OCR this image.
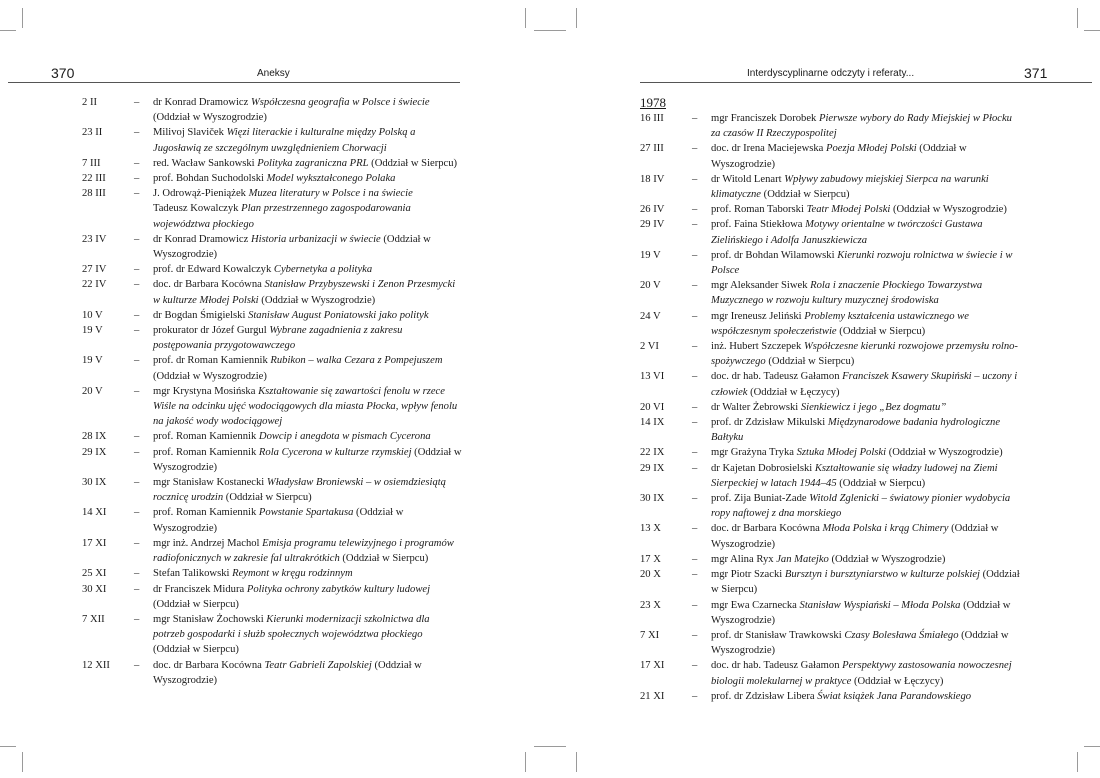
370	Aneksy
2 II	– dr Konrad Dramowicz Współczesna geografia w Polsce i świecie (Oddział w Wyszogrodzie)
23 II	– Milivoj Slaviček Więzi literackie i kulturalne między Polską a Jugosławią ze szczególnym uwzględnieniem Chorwacji
7 III	– red. Wacław Sankowski Polityka zagraniczna PRL (Oddział w Sierpcu)
22 III	– prof. Bohdan Suchodolski Model wykształconego Polaka
28 III	– J. Odrowąż-Pieniążek Muzea literatury w Polsce i na świecie
Tadeusz Kowalczyk Plan przestrzennego zagospodarowania województwa płockiego
23 IV	– dr Konrad Dramowicz Historia urbanizacji w świecie (Oddział w Wyszogrodzie)
27 IV	– prof. dr Edward Kowalczyk Cybernetyka a polityka
22 IV	– doc. dr Barbara Kocówna Stanisław Przybyszewski i Zenon Przesmycki w kulturze Młodej Polski (Oddział w Wyszogrodzie)
10 V	– dr Bogdan Śmigielski Stanisław August Poniatowski jako polityk
19 V	– prokurator dr Józef Gurgul Wybrane zagadnienia z zakresu postępowania przygotowawczego
19 V	– prof. dr Roman Kamiennik Rubikon – walka Cezara z Pompejuszem (Oddział w Wyszogrodzie)
20 V	– mgr Krystyna Mosińska Kształtowanie się zawartości fenolu w rzece Wiśle na odcinku ujęć wodociągowych dla miasta Płocka, wpływ fenolu na jakość wody wodociągowej
28 IX	– prof. Roman Kamiennik Dowcip i anegdota w pismach Cycerona
29 IX	– prof. Roman Kamiennik Rola Cycerona w kulturze rzymskiej (Oddział w Wyszogrodzie)
30 IX	– mgr Stanisław Kostanecki Władysław Broniewski – w osiemdziesiątą rocznicę urodzin (Oddział w Sierpcu)
14 XI	– prof. Roman Kamiennik Powstanie Spartakusa (Oddział w Wyszogrodzie)
17 XI	– mgr inż. Andrzej Machol Emisja programu telewizyjnego i programów radiofonicznych w zakresie fal ultrakrótkich (Oddział w Sierpcu)
25 XI	– Stefan Talikowski Reymont w kręgu rodzinnym
30 XI	– dr Franciszek Midura Polityka ochrony zabytków kultury ludowej (Oddział w Sierpcu)
7 XII	– mgr Stanisław Żochowski Kierunki modernizacji szkolnictwa dla potrzeb gospodarki i służb społecznych województwa płockiego (Oddział w Sierpcu)
12 XII – doc. dr Barbara Kocówna Teatr Gabrieli Zapolskiej (Oddział w Wyszogrodzie)
Interdyscyplinarne odczyty i referaty...	371
1978
16 III	– mgr Franciszek Dorobek Pierwsze wybory do Rady Miejskiej w Płocku za czasów II Rzeczypospolitej
27 III	– doc. dr Irena Maciejewska Poezja Młodej Polski (Oddział w Wyszogrodzie)
18 IV	– dr Witold Lenart Wpływy zabudowy miejskiej Sierpca na warunki klimatyczne (Oddział w Sierpcu)
26 IV	– prof. Roman Taborski Teatr Młodej Polski (Oddział w Wyszogrodzie)
29 IV	– prof. Faina Stiekłowa Motywy orientalne w twórczości Gustawa Zielińskiego i Adolfa Januszkiewicza
19 V	– prof. dr Bohdan Wilamowski Kierunki rozwoju rolnictwa w świecie i w Polsce
20 V	– mgr Aleksander Siwek Rola i znaczenie Płockiego Towarzystwa Muzycznego w rozwoju kultury muzycznej środowiska
24 V	– mgr Ireneusz Jeliński Problemy kształcenia ustawicznego we współczesnym społeczeństwie (Oddział w Sierpcu)
2 VI	– inż. Hubert Szczepek Współczesne kierunki rozwojowe przemysłu rolno-spożywczego (Oddział w Sierpcu)
13 VI	– doc. dr hab. Tadeusz Gałamon Franciszek Ksawery Skupiński – uczony i człowiek (Oddział w Łęczycy)
20 VI	– dr Walter Żebrowski Sienkiewicz i jego „Bez dogmatu”
14 IX	– prof. dr Zdzisław Mikulski Międzynarodowe badania hydrologiczne Bałtyku
22 IX	– mgr Grażyna Tryka Sztuka Młodej Polski (Oddział w Wyszogrodzie)
29 IX	– dr Kajetan Dobrosielski Kształtowanie się władzy ludowej na Ziemi Sierpeckiej w latach 1944–45 (Oddział w Sierpcu)
30 IX	– prof. Zija Buniat-Zade Witold Zglenicki – światowy pionier wydobycia ropy naftowej z dna morskiego
13 X	– doc. dr Barbara Kocówna Młoda Polska i krąg Chimery (Oddział w Wyszogrodzie)
17 X	– mgr Alina Ryx Jan Matejko (Oddział w Wyszogrodzie)
20 X	– mgr Piotr Szacki Bursztyn i bursztyniarstwo w kulturze polskiej (Oddział w Sierpcu)
23 X	– mgr Ewa Czarnecka Stanisław Wyspiański – Młoda Polska (Oddział w Wyszogrodzie)
7 XI	– prof. dr Stanisław Trawkowski Czasy Bolesława Śmiałego (Oddział w Wyszogrodzie)
17 XI	– doc. dr hab. Tadeusz Gałamon Perspektywy zastosowania nowoczesnej biologii molekularnej w praktyce (Oddział w Łęczycy)
21 XI	– prof. dr Zdzisław Libera Świat książek Jana Parandowskiego
